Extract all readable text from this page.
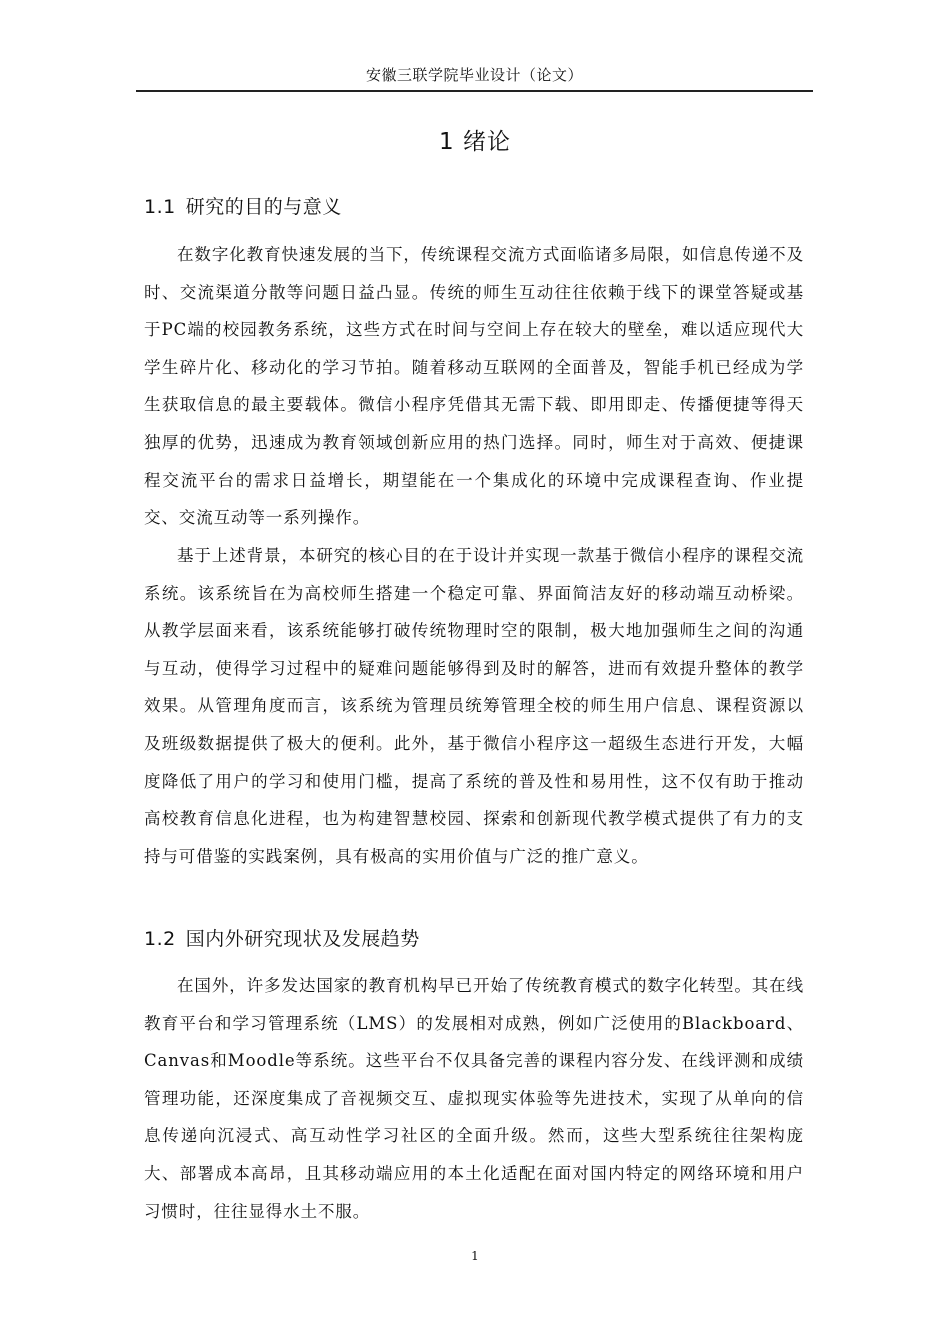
安徽三联学院毕业设计（论文）
1 绪论
1.1 研究的目的与意义

在数字化教育快速发展的当下，传统课程交流方式面临诸多局限，如信息传递不及时、交流渠道分散等问题日益凸显。传统的师生互动往往依赖于线下的课堂答疑或基于PC端的校园教务系统，这些方式在时间与空间上存在较大的壁垒，难以适应现代大学生碎片化、移动化的学习节拍。随着移动互联网的全面普及，智能手机已经成为学生获取信息的最主要载体。微信小程序凭借其无需下载、即用即走、传播便捷等得天独厚的优势，迅速成为教育领域创新应用的热门选择。同时，师生对于高效、便捷课程交流平台的需求日益增长，期望能在一个集成化的环境中完成课程查询、作业提交、交流互动等一系列操作。

基于上述背景，本研究的核心目的在于设计并实现一款基于微信小程序的课程交流系统。该系统旨在为高校师生搭建一个稳定可靠、界面简洁友好的移动端互动桥梁。从教学层面来看，该系统能够打破传统物理时空的限制，极大地加强师生之间的沟通与互动，使得学习过程中的疑难问题能够得到及时的解答，进而有效提升整体的教学效果。从管理角度而言，该系统为管理员统筹管理全校的师生用户信息、课程资源以及班级数据提供了极大的便利。此外，基于微信小程序这一超级生态进行开发，大幅度降低了用户的学习和使用门槛，提高了系统的普及性和易用性，这不仅有助于推动高校教育信息化进程，也为构建智慧校园、探索和创新现代教学模式提供了有力的支持与可借鉴的实践案例，具有极高的实用价值与广泛的推广意义。

1.2 国内外研究现状及发展趋势

在国外，许多发达国家的教育机构早已开始了传统教育模式的数字化转型。其在线教育平台和学习管理系统（LMS）的发展相对成熟，例如广泛使用的Blackboard、Canvas和Moodle等系统。这些平台不仅具备完善的课程内容分发、在线评测和成绩管理功能，还深度集成了音视频交互、虚拟现实体验等先进技术，实现了从单向的信息传递向沉浸式、高互动性学习社区的全面升级。然而，这些大型系统往往架构庞大、部署成本高昂，且其移动端应用的本土化适配在面对国内特定的网络环境和用户习惯时，往往显得水土不服。

1
